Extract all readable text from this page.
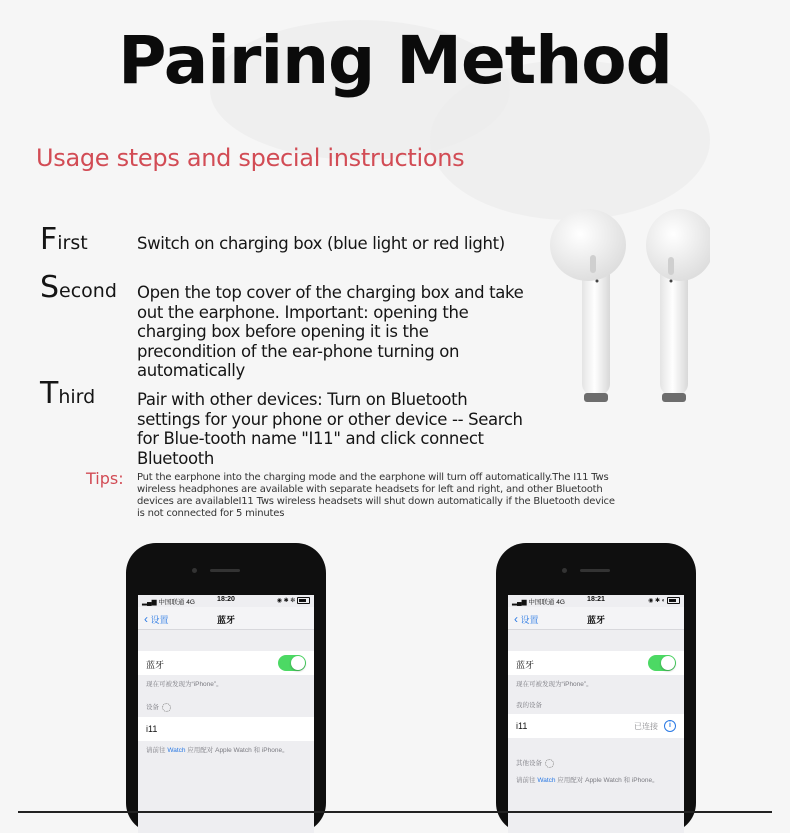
Pairing Method
Usage steps and special instructions
First	Switch on charging box (blue light or red light)
Second Open the top cover of the charging box and take out the earphone. Important: opening the charging box before opening it is the precondition of the ear-phone turning on automatically
Third	Pair with other devices: Turn on Bluetooth settings for your phone or other device -- Search for Blue-tooth name "I11" and click connect Bluetooth
Tips: Put the earphone into the charging mode and the earphone will turn off automatically.The I11 Tws wireless headphones are available with separate headsets for left and right, and other Bluetooth devices are availableI11 Tws wireless headsets will shut down automatically if the Bluetooth device is not connected for 5 minutes
▂▄▆ 中国联通 4G	18:20	◉ ✱ ✻
‹ 设置	蓝牙
蓝牙
现在可被发现为“iPhone”。
设备
i11
请前往 Watch 应用配对 Apple Watch 和 iPhone。
▂▄▆ 中国联通 4G	18:21	◉ ✱ ◐
‹ 设置	蓝牙
蓝牙
现在可被发现为“iPhone”。
我的设备
i11	已连接	i
其他设备
请前往 Watch 应用配对 Apple Watch 和 iPhone。
